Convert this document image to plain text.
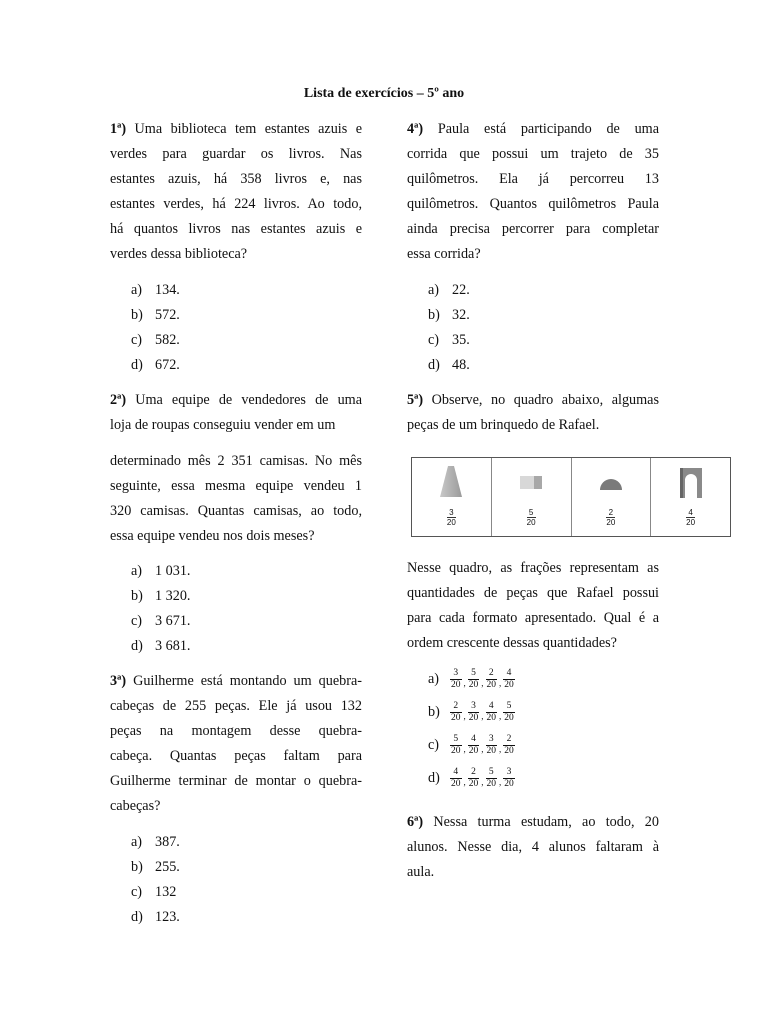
Lista de exercícios – 5º ano
1ª) Uma biblioteca tem estantes azuis e
verdes para guardar os livros. Nas
estantes azuis, há 358 livros e, nas
estantes verdes, há 224 livros. Ao todo,
há quantos livros nas estantes azuis e
verdes dessa biblioteca?
a) 134.
b) 572.
c) 582.
d) 672.
2ª) Uma equipe de vendedores de uma
loja de roupas conseguiu vender em um
determinado mês 2 351 camisas. No mês
seguinte, essa mesma equipe vendeu 1
320 camisas. Quantas camisas, ao todo,
essa equipe vendeu nos dois meses?
a) 1 031.
b) 1 320.
c) 3 671.
d) 3 681.
3ª) Guilherme está montando um quebra-
cabeças de 255 peças. Ele já usou 132
peças na montagem desse quebra-
cabeça. Quantas peças faltam para
Guilherme terminar de montar o quebra-
cabeças?
a) 387.
b) 255.
c) 132
d) 123.
4ª) Paula está participando de uma
corrida que possui um trajeto de 35
quilômetros. Ela já percorreu 13
quilômetros. Quantos quilômetros Paula
ainda precisa percorrer para completar
essa corrida?
a) 22.
b) 32.
c) 35.
d) 48.
5ª) Observe, no quadro abaixo, algumas
peças de um brinquedo de Rafael.
$\frac{3}{20}$	$\frac{5}{20}$	$\frac{2}{20}$	$\frac{4}{20}$
Nesse quadro, as frações representam as
quantidades de peças que Rafael possui
para cada formato apresentado. Qual é a
ordem crescente dessas quantidades?
$a) \frac{3}{20} _, \frac{5}{20} _, \frac{2}{20} _, \frac{4}{20}$
$b) \frac{2}{20} _, \frac{3}{20} _, \frac{4}{20} _, \frac{5}{20}$
$c) \frac{5}{20} _, \frac{4}{20} _, \frac{3}{20} _, \frac{2}{20}$
$d) \frac{4}{20} _, \frac{2}{20} _, \frac{5}{20} _, \frac{3}{20}$
6ª) Nessa turma estudam, ao todo, 20
alunos. Nesse dia, 4 alunos faltaram à
aula.
